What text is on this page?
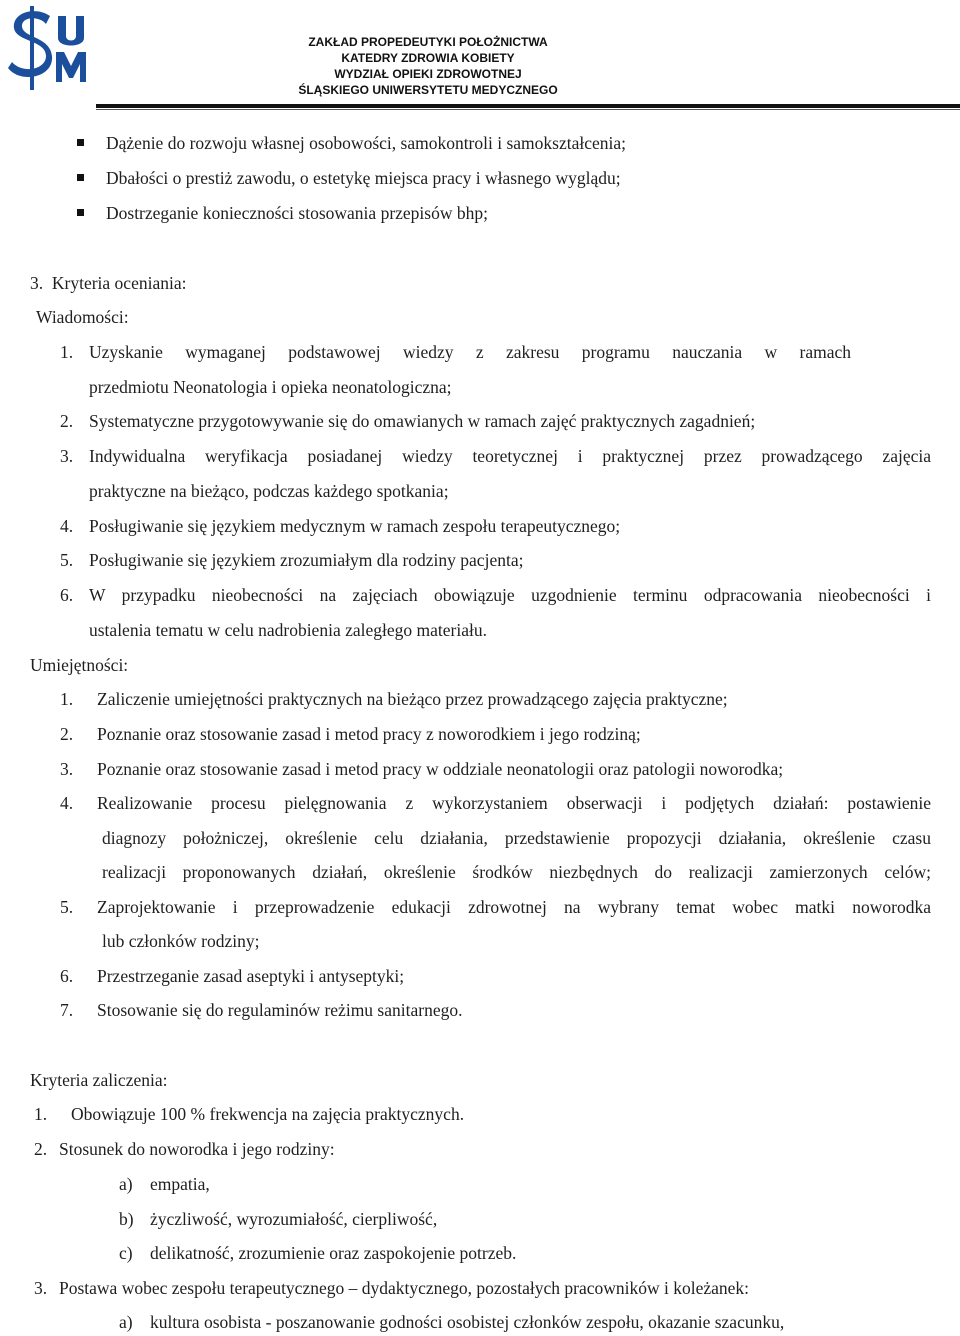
ZAKŁAD PROPEDEUTYKI POŁOŻNICTWA
KATEDRY ZDROWIA KOBIETY
WYDZIAŁ OPIEKI ZDROWOTNEJ
ŚLĄSKIEGO UNIWERSYTETU MEDYCZNEGO
Dążenie do rozwoju własnej osobowości, samokontroli i samokształcenia;
Dbałości o prestiż zawodu, o estetykę miejsca pracy i własnego wyglądu;
Dostrzeganie konieczności stosowania przepisów bhp;
3.  Kryteria oceniania:
Wiadomości:
1. Uzyskanie wymaganej podstawowej wiedzy z zakresu programu nauczania w ramach
przedmiotu Neonatologia i opieka neonatologiczna;
2. Systematyczne przygotowywanie się do omawianych w ramach zajęć praktycznych zagadnień;
3. Indywidualna weryfikacja posiadanej wiedzy teoretycznej i praktycznej przez prowadzącego zajęcia
praktyczne na bieżąco, podczas każdego spotkania;
4. Posługiwanie się językiem medycznym w ramach zespołu terapeutycznego;
5. Posługiwanie się językiem zrozumiałym dla rodziny pacjenta;
6. W przypadku nieobecności na zajęciach obowiązuje uzgodnienie terminu odpracowania nieobecności i
ustalenia tematu w celu nadrobienia zaległego materiału.
Umiejętności:
1. Zaliczenie umiejętności praktycznych na bieżąco przez prowadzącego zajęcia praktyczne;
2. Poznanie oraz stosowanie zasad i metod pracy z noworodkiem i jego rodziną;
3. Poznanie oraz stosowanie zasad i metod pracy w oddziale neonatologii oraz patologii noworodka;
4. Realizowanie procesu pielęgnowania z wykorzystaniem obserwacji i podjętych działań: postawienie
diagnozy położniczej, określenie celu działania, przedstawienie propozycji działania, określenie czasu
realizacji proponowanych działań, określenie środków niezbędnych do realizacji zamierzonych celów;
5. Zaprojektowanie i przeprowadzenie edukacji zdrowotnej na wybrany temat wobec matki noworodka
lub członków rodziny;
6. Przestrzeganie zasad aseptyki i antyseptyki;
7. Stosowanie się do regulaminów reżimu sanitarnego.
Kryteria zaliczenia:
1. Obowiązuje 100 % frekwencja na zajęcia praktycznych.
2. Stosunek do noworodka i jego rodziny:
a) empatia,
b) życzliwość, wyrozumiałość, cierpliwość,
c) delikatność, zrozumienie oraz zaspokojenie potrzeb.
3. Postawa wobec zespołu terapeutycznego – dydaktycznego, pozostałych pracowników i koleżanek:
a) kultura osobista - poszanowanie godności osobistej członków zespołu, okazanie szacunku,
